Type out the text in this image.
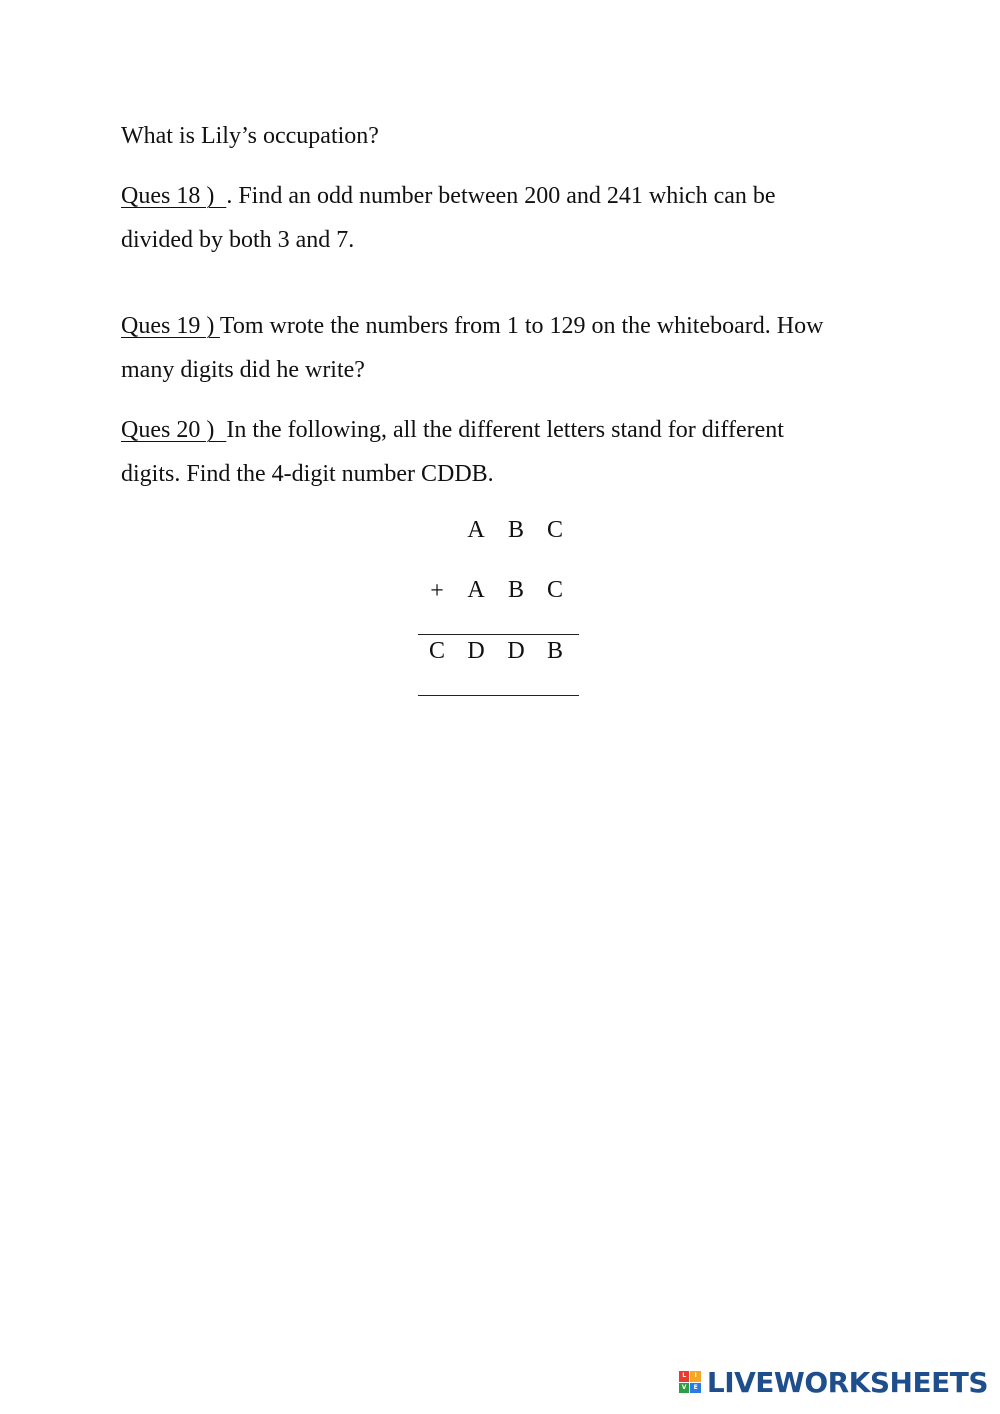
What is Lily’s occupation?
Ques 18 )  . Find an odd number between 200 and 241 which can be
divided by both 3 and 7.
Ques 19 ) Tom wrote the numbers from 1 to 129 on the whiteboard. How
many digits did he write?
Ques 20 )  In the following, all the different letters stand for different
digits. Find the 4-digit number CDDB.
A B C
+ A B C
C D D B
L	I
V	E LIVEWORKSHEETS
